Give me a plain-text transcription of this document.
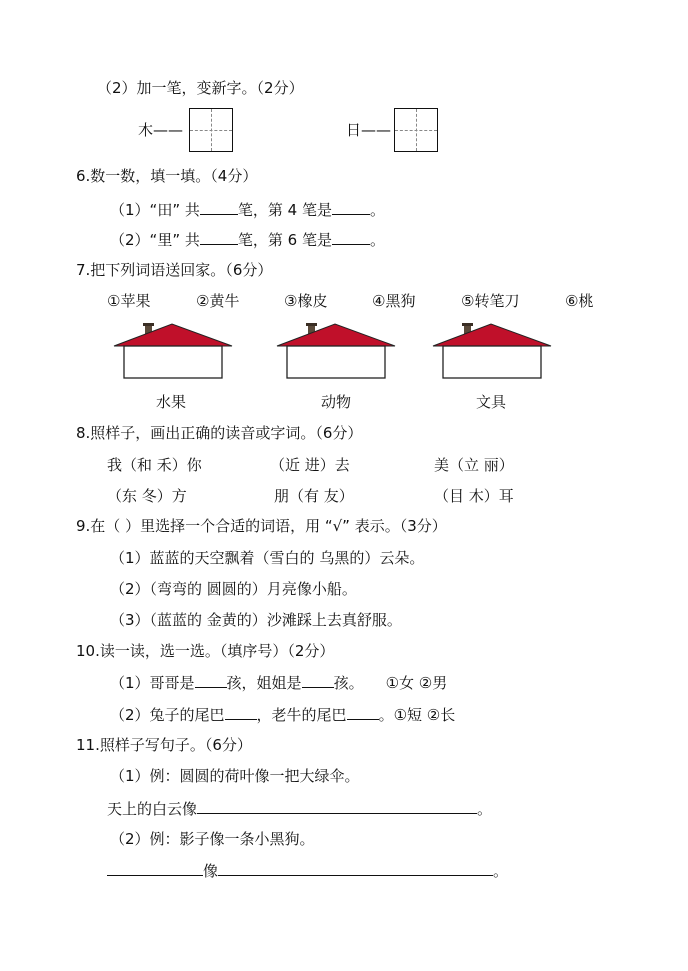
（2）加一笔，变新字。（2分）
木——	日——
6.数一数，填一填。（4分）
（1）“田” 共	笔，第 4 笔是	。
（2）“里” 共	笔，第 6 笔是	。
7.把下列词语送回家。（6分）
①苹果	②黄牛	③橡皮	④黑狗	⑤转笔刀	⑥桃
水果	动物	文具
8.照样子，画出正确的读音或字词。（6分）
我（和 禾）你	（近 进）去	美（立 丽）
（东 冬）方	朋（有 友）	（目 木）耳
9.在（ ）里选择一个合适的词语，用 “√” 表示。（3分）
（1）蓝蓝的天空飘着（雪白的 乌黑的）云朵。
（2）（弯弯的 圆圆的）月亮像小船。
（3）（蓝蓝的 金黄的）沙滩踩上去真舒服。
10.读一读，选一选。（填序号）（2分）
（1）哥哥是 孩，姐姐是 孩。 ①女 ②男
（2）兔子的尾巴 ，老牛的尾巴 。①短 ②长
11.照样子写句子。（6分）
（1）例：圆圆的荷叶像一把大绿伞。
天上的白云像	。
（2）例：影子像一条小黑狗。
像	。
